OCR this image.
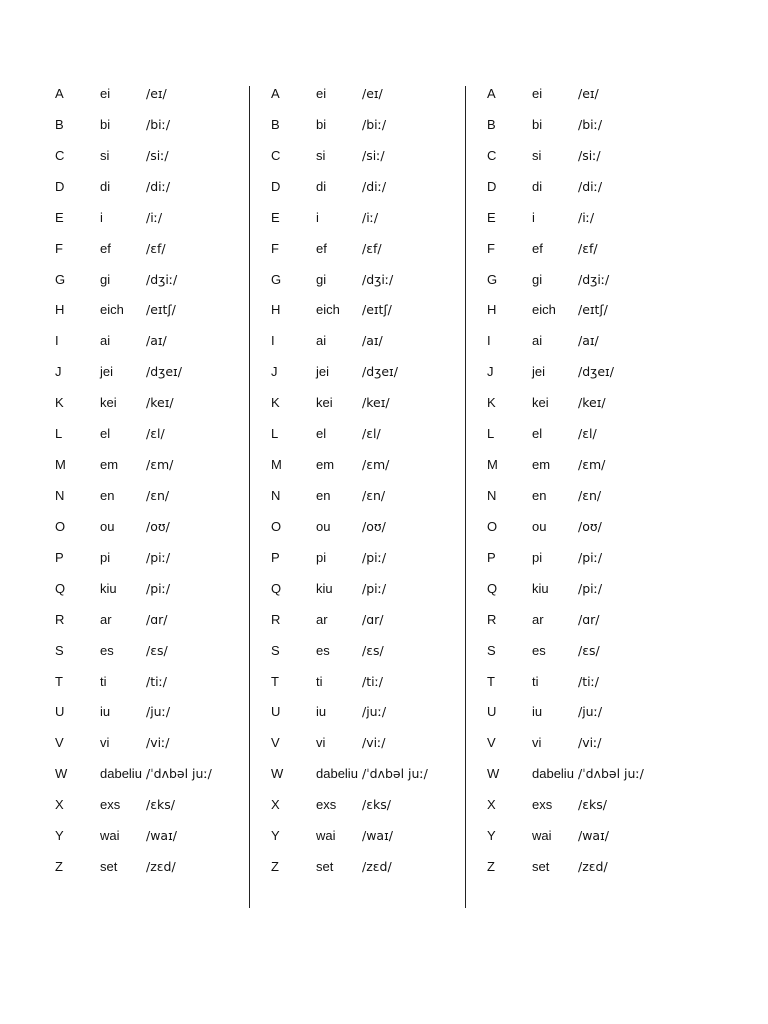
A	ei	/eɪ/
B	bi	/biː/
C	si	/siː/
D	di	/diː/
E	i	/iː/
F	ef	/ɛf/
G	gi	/dʒiː/
H	eich /eɪtʃ/
I	ai	/aɪ/
J	jei	/dʒeɪ/
K	kei /keɪ/
L	el	/ɛl/
M	em /ɛm/
N	en	/ɛn/
O	ou	/oʊ/
P	pi	/piː/
Q	kiu /piː/
R	ar	/ɑr/
S	es	/ɛs/
T	ti	/tiː/
U	iu	/juː/
V	vi	/viː/
W	dabeliu /ˈdʌbəl juː/
X	exs /ɛks/
Y	wai /waɪ/
Z	set /zɛd/
A	ei	/eɪ/
B	bi	/biː/
C	si	/siː/
D	di	/diː/
E	i	/iː/
F	ef	/ɛf/
G	gi	/dʒiː/
H	eich /eɪtʃ/
I	ai	/aɪ/
J	jei	/dʒeɪ/
K	kei /keɪ/
L	el	/ɛl/
M	em /ɛm/
N	en	/ɛn/
O	ou	/oʊ/
P	pi	/piː/
Q	kiu /piː/
R	ar	/ɑr/
S	es	/ɛs/
T	ti	/tiː/
U	iu	/juː/
V	vi	/viː/
W	dabeliu /ˈdʌbəl juː/
X	exs /ɛks/
Y	wai /waɪ/
Z	set /zɛd/
A	ei	/eɪ/
B	bi	/biː/
C	si	/siː/
D	di	/diː/
E	i	/iː/
F	ef	/ɛf/
G	gi	/dʒiː/
H	eich /eɪtʃ/
I	ai	/aɪ/
J	jei	/dʒeɪ/
K	kei /keɪ/
L	el	/ɛl/
M	em /ɛm/
N	en	/ɛn/
O	ou	/oʊ/
P	pi	/piː/
Q	kiu /piː/
R	ar	/ɑr/
S	es	/ɛs/
T	ti	/tiː/
U	iu	/juː/
V	vi	/viː/
W	dabeliu /ˈdʌbəl juː/
X	exs /ɛks/
Y	wai /waɪ/
Z	set /zɛd/
